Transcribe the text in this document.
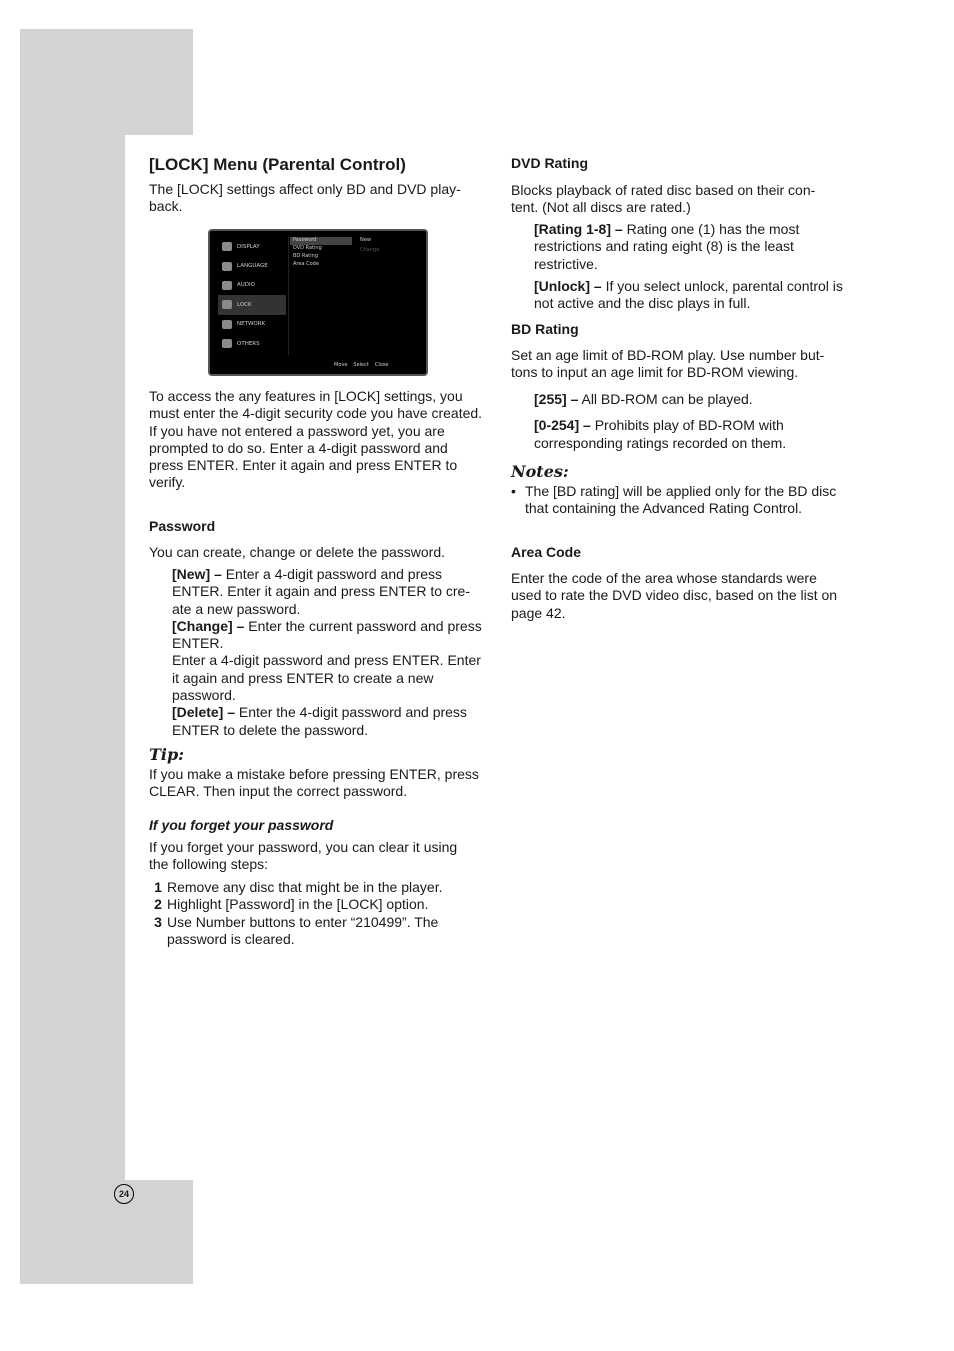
[LOCK] Menu (Parental Control)
The [LOCK] settings affect only BD and DVD play-back.
DISPLAY
LANGUAGE
AUDIO
LOCK
NETWORK
OTHERS
Password
DVD Rating
BD Rating
Area Code
New
Change
Move Select Close

To access the any features in [LOCK] settings, you must enter the 4-digit security code you have created.

If you have not entered a password yet, you are prompted to do so. Enter a 4-digit password and press ENTER. Enter it again and press ENTER to verify.

Password
You can create, change or delete the password.

[New] – Enter a 4-digit password and press ENTER. Enter it again and press ENTER to cre-ate a new password.

[Change] – Enter the current password and press ENTER.

Enter a 4-digit password and press ENTER. Enter it again and press ENTER to create a new password.

[Delete] – Enter the 4-digit password and press ENTER to delete the password.

Tip:
If you make a mistake before pressing ENTER, press CLEAR. Then input the correct password.
If you forget your password
If you forget your password, you can clear it using the following steps:
1 Remove any disc that might be in the player.
2 Highlight [Password] in the [LOCK] option.
3 Use Number buttons to enter “210499”. The password is cleared.
DVD Rating
Blocks playback of rated disc based on their con-tent. (Not all discs are rated.)

[Rating 1-8] – Rating one (1) has the most restrictions and rating eight (8) is the least restrictive.

[Unlock] – If you select unlock, parental control is not active and the disc plays in full.

BD Rating
Set an age limit of BD-ROM play. Use number but-tons to input an age limit for BD-ROM viewing.

[255] – All BD-ROM can be played.

[0-254] – Prohibits play of BD-ROM with corresponding ratings recorded on them.

Notes:
• The [BD rating] will be applied only for the BD disc that containing the Advanced Rating Control.
Area Code
Enter the code of the area whose standards were used to rate the DVD video disc, based on the list on page 42.
24
